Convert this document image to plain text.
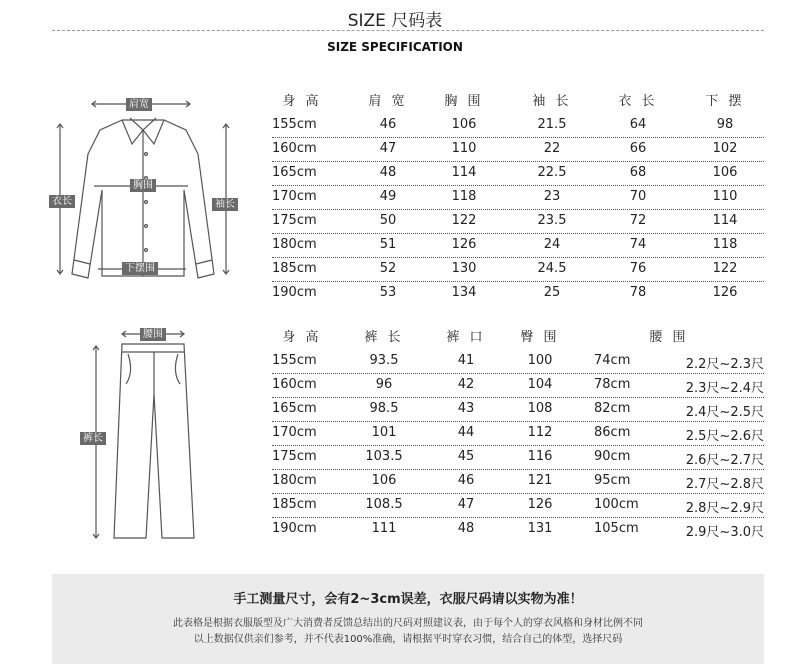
SIZE 尺码表
SIZE SPECIFICATION
肩宽
胸围
衣长	袖长
下摆围
腰围
裤长
身 高	肩 宽	胸 围	袖 长	衣 长	下 摆
155cm	46	106	21.5	64	98
160cm	47	110	22	66	102
165cm	48	114	22.5	68	106
170cm	49	118	23	70	110
175cm	50	122	23.5	72	114
180cm	51	126	24	74	118
185cm	52	130	24.5	76	122
190cm	53	134	25	78	126
身 高	裤 长	裤 口	臀 围	腰 围
155cm	93.5	41	100	74cm	2.2尺~2.3尺
160cm	96	42	104	78cm	2.3尺~2.4尺
165cm	98.5	43	108	82cm	2.4尺~2.5尺
170cm	101	44	112	86cm	2.5尺~2.6尺
175cm	103.5	45	116	90cm	2.6尺~2.7尺
180cm	106	46	121	95cm	2.7尺~2.8尺
185cm	108.5	47	126	100cm	2.8尺~2.9尺
190cm	111	48	131	105cm	2.9尺~3.0尺
手工测量尺寸，会有2~3cm误差，衣服尺码请以实物为准！
此表格是根据衣服版型及广大消费者反馈总结出的尺码对照建议表，由于每个人的穿衣风格和身材比例不同
以上数据仅供亲们参考，并不代表100%准确，请根据平时穿衣习惯，结合自己的体型，选择尺码
